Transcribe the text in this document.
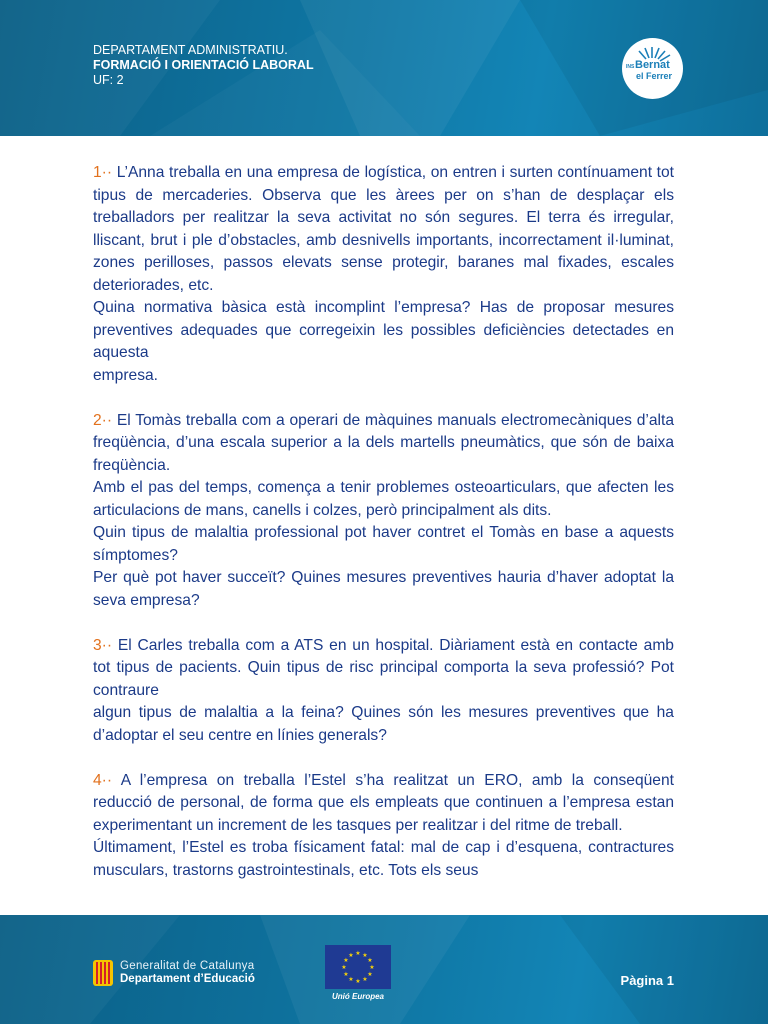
DEPARTAMENT ADMINISTRATIU.
FORMACIÓ I ORIENTACIÓ LABORAL
UF: 2
INS Bernat
el Ferrer

1·· L’Anna treballa en una empresa de logística, on entren i surten contínuament tot tipus de mercaderies. Observa que les àrees per on s’han de desplaçar els treballadors per realitzar la seva activitat no són segures. El terra és irregular, lliscant, brut i ple d’obstacles, amb desnivells importants, incorrectament il·luminat, zones perilloses, passos elevats sense protegir, baranes mal fixades, escales deteriorades, etc.

Quina normativa bàsica està incomplint l’empresa? Has de proposar mesures preventives adequades que corregeixin les possibles deficiències detectades en aquesta

empresa.

2·· El Tomàs treballa com a operari de màquines manuals electromecàniques d’alta freqüència, d’una escala superior a la dels martells pneumàtics, que són de baixa freqüència.

Amb el pas del temps, comença a tenir problemes osteoarticulars, que afecten les articulacions de mans, canells i colzes, però principalment als dits.

Quin tipus de malaltia professional pot haver contret el Tomàs en base a aquests símptomes?

Per què pot haver succeït? Quines mesures preventives hauria d’haver adoptat la seva empresa?

3·· El Carles treballa com a ATS en un hospital. Diàriament està en contacte amb tot tipus de pacients. Quin tipus de risc principal comporta la seva professió? Pot contraure

algun tipus de malaltia a la feina? Quines són les mesures preventives que ha d’adoptar el seu centre en línies generals?

4·· A l’empresa on treballa l’Estel s’ha realitzat un ERO, amb la conseqüent reducció de personal, de forma que els empleats que continuen a l’empresa estan experimentant un increment de les tasques per realitzar i del ritme de treball.

Últimament, l’Estel es troba físicament fatal: mal de cap i d’esquena, contractures musculars, trastorns gastrointestinals, etc. Tots els seus

Generalitat de Catalunya
Departament d’Educació
★ ★
★
★
★
★
★
★
★
★
★
★
Unió Europea
Pàgina 1
